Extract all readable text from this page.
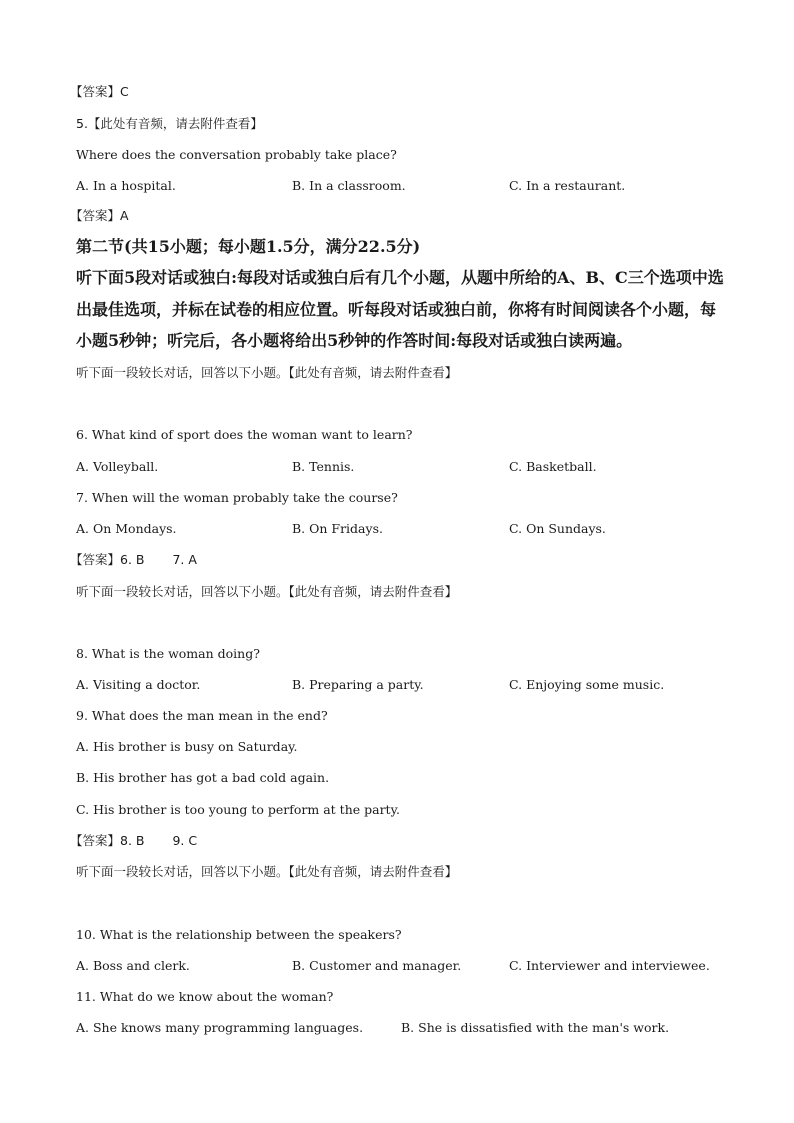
【答案】C
5.【此处有音频，请去附件查看】
Where does the conversation probably take place?
A. In a hospital.	B. In a classroom.	C. In a restaurant.
【答案】A
第二节(共15小题；每小题1.5分，满分22.5分)
听下面5段对话或独白:每段对话或独白后有几个小题，从题中所给的A、B、C三个选项中选
出最佳选项，并标在试卷的相应位置。听每段对话或独白前，你将有时间阅读各个小题，每
小题5秒钟；听完后，各小题将给出5秒钟的作答时间:每段对话或独白读两遍。
听下面一段较长对话，回答以下小题。【此处有音频，请去附件查看】
6. What kind of sport does the woman want to learn?
A. Volleyball.	B. Tennis.	C. Basketball.
7. When will the woman probably take the course?
A. On Mondays.	B. On Fridays.	C. On Sundays.
【答案】6. B 7. A
听下面一段较长对话，回答以下小题。【此处有音频，请去附件查看】
8. What is the woman doing?
A. Visiting a doctor.	B. Preparing a party.	C. Enjoying some music.
9. What does the man mean in the end?
A. His brother is busy on Saturday.
B. His brother has got a bad cold again.
C. His brother is too young to perform at the party.
【答案】8. B 9. C
听下面一段较长对话，回答以下小题。【此处有音频，请去附件查看】
10. What is the relationship between the speakers?
A. Boss and clerk.	B. Customer and manager.	C. Interviewer and interviewee.
11. What do we know about the woman?
A. She knows many programming languages.	B. She is dissatisfied with the man's work.
